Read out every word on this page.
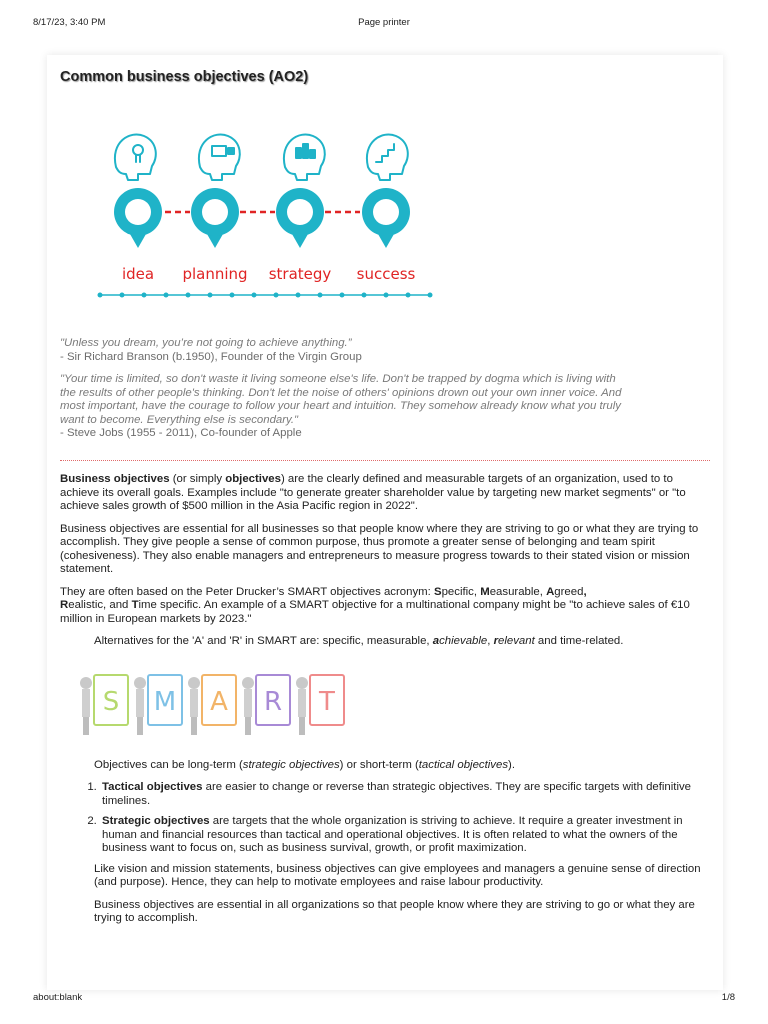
8/17/23, 3:40 PM	Page printer
Common business objectives (AO2)
idea planning strategy success
"Unless you dream, you’re not going to achieve anything.”
- Sir Richard Branson (b.1950), Founder of the Virgin Group
"Your time is limited, so don't waste it living someone else's life. Don't be trapped by dogma which is living with
the results of other people's thinking. Don't let the noise of others' opinions drown out your own inner voice. And
most important, have the courage to follow your heart and intuition. They somehow already know what you truly
want to become. Everything else is secondary."
- Steve Jobs (1955 - 2011), Co-founder of Apple

Business objectives (or simply objectives) are the clearly defined and measurable targets of an organization, used to to achieve its overall goals. Examples include "to generate greater shareholder value by targeting new market segments" or "to achieve sales growth of $500 million in the Asia Pacific region in 2022".

Business objectives are essential for all businesses so that people know where they are striving to go or what they are trying to accomplish. They give people a sense of common purpose, thus promote a greater sense of belonging and team spirit (cohesiveness). They also enable managers and entrepreneurs to measure progress towards to their stated vision or mission statement.

They are often based on the Peter Drucker’s SMART objectives acronym: Specific, Measurable, Agreed,
Realistic, and Time specific. An example of a SMART objective for a multinational company might be "to achieve sales of €10 million in European markets by 2023."

Alternatives for the 'A' and 'R' in SMART are: specific, measurable, achievable, relevant and time-related.

S M A R T

Objectives can be long-term (strategic objectives) or short-term (tactical objectives).

1. Tactical objectives are easier to change or reverse than strategic objectives. They are specific targets with definitive timelines.
2. Strategic objectives are targets that the whole organization is striving to achieve. It require a greater investment in human and financial resources than tactical and operational objectives. It is often related to what the owners of the business want to focus on, such as business survival, growth, or profit maximization.

Like vision and mission statements, business objectives can give employees and managers a genuine sense of direction (and purpose). Hence, they can help to motivate employees and raise labour productivity.

Business objectives are essential in all organizations so that people know where they are striving to go or what they are trying to accomplish.

about:blank	1/8
